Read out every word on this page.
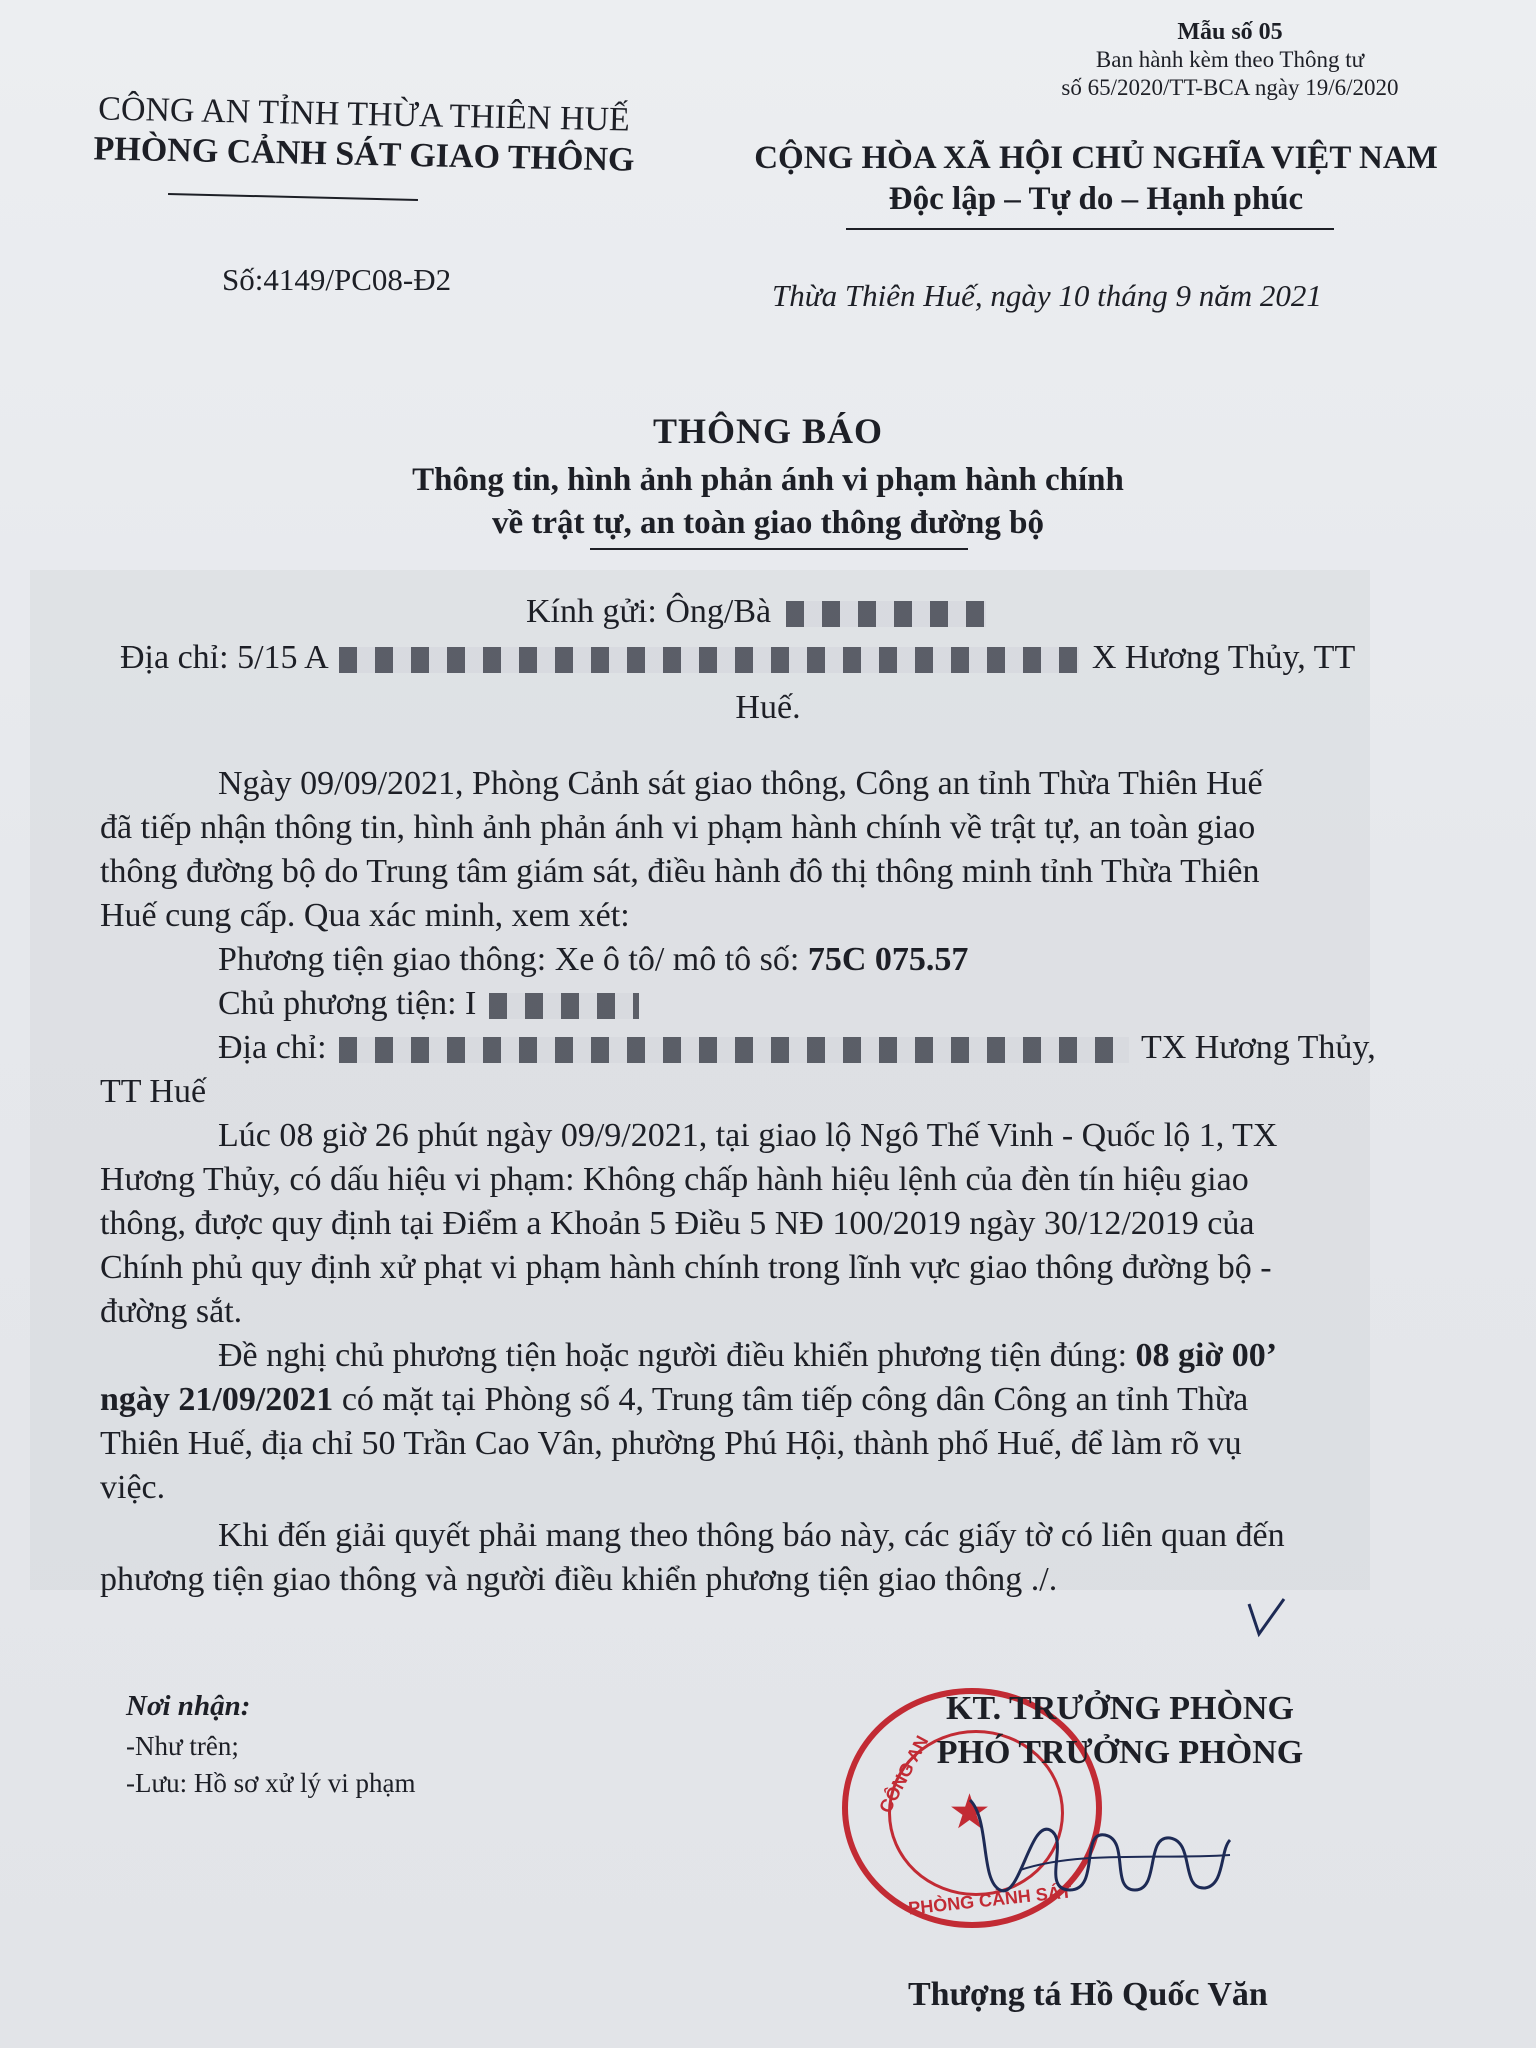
Mẫu số 05
Ban hành kèm theo Thông tư
số 65/2020/TT-BCA ngày 19/6/2020
CÔNG AN TỈNH THỪA THIÊN HUẾ
PHÒNG CẢNH SÁT GIAO THÔNG
Số:4149/PC08-Đ2
CỘNG HÒA XÃ HỘI CHỦ NGHĨA VIỆT NAM
Độc lập – Tự do – Hạnh phúc
Thừa Thiên Huế, ngày 10 tháng 9 năm 2021
THÔNG BÁO
Thông tin, hình ảnh phản ánh vi phạm hành chính
về trật tự, an toàn giao thông đường bộ
Kính gửi: Ông/Bà
Địa chỉ: 5/15 A	X Hương Thủy, TT
Huế.
Ngày 09/09/2021, Phòng Cảnh sát giao thông, Công an tỉnh Thừa Thiên Huế
đã tiếp nhận thông tin, hình ảnh phản ánh vi phạm hành chính về trật tự, an toàn giao
thông đường bộ do Trung tâm giám sát, điều hành đô thị thông minh tỉnh Thừa Thiên
Huế cung cấp. Qua xác minh, xem xét:
Phương tiện giao thông: Xe ô tô/ mô tô số: 75C 075.57
Chủ phương tiện: I
Địa chỉ:	TX Hương Thủy,
TT Huế
Lúc 08 giờ 26 phút ngày 09/9/2021, tại giao lộ Ngô Thế Vinh - Quốc lộ 1, TX
Hương Thủy, có dấu hiệu vi phạm: Không chấp hành hiệu lệnh của đèn tín hiệu giao
thông, được quy định tại Điểm a Khoản 5 Điều 5 NĐ 100/2019 ngày 30/12/2019 của
Chính phủ quy định xử phạt vi phạm hành chính trong lĩnh vực giao thông đường bộ -
đường sắt.
Đề nghị chủ phương tiện hoặc người điều khiển phương tiện đúng: 08 giờ 00’
ngày 21/09/2021 có mặt tại Phòng số 4, Trung tâm tiếp công dân Công an tỉnh Thừa
Thiên Huế, địa chỉ 50 Trần Cao Vân, phường Phú Hội, thành phố Huế, để làm rõ vụ
việc.
Khi đến giải quyết phải mang theo thông báo này, các giấy tờ có liên quan đến
phương tiện giao thông và người điều khiển phương tiện giao thông ./.
Nơi nhận:
-Như trên;
-Lưu: Hồ sơ xử lý vi phạm
★
CÔNG AN
PHÒNG CẢNH SÁT
KT. TRƯỞNG PHÒNG
PHÓ TRƯỞNG PHÒNG
Thượng tá Hồ Quốc Văn
